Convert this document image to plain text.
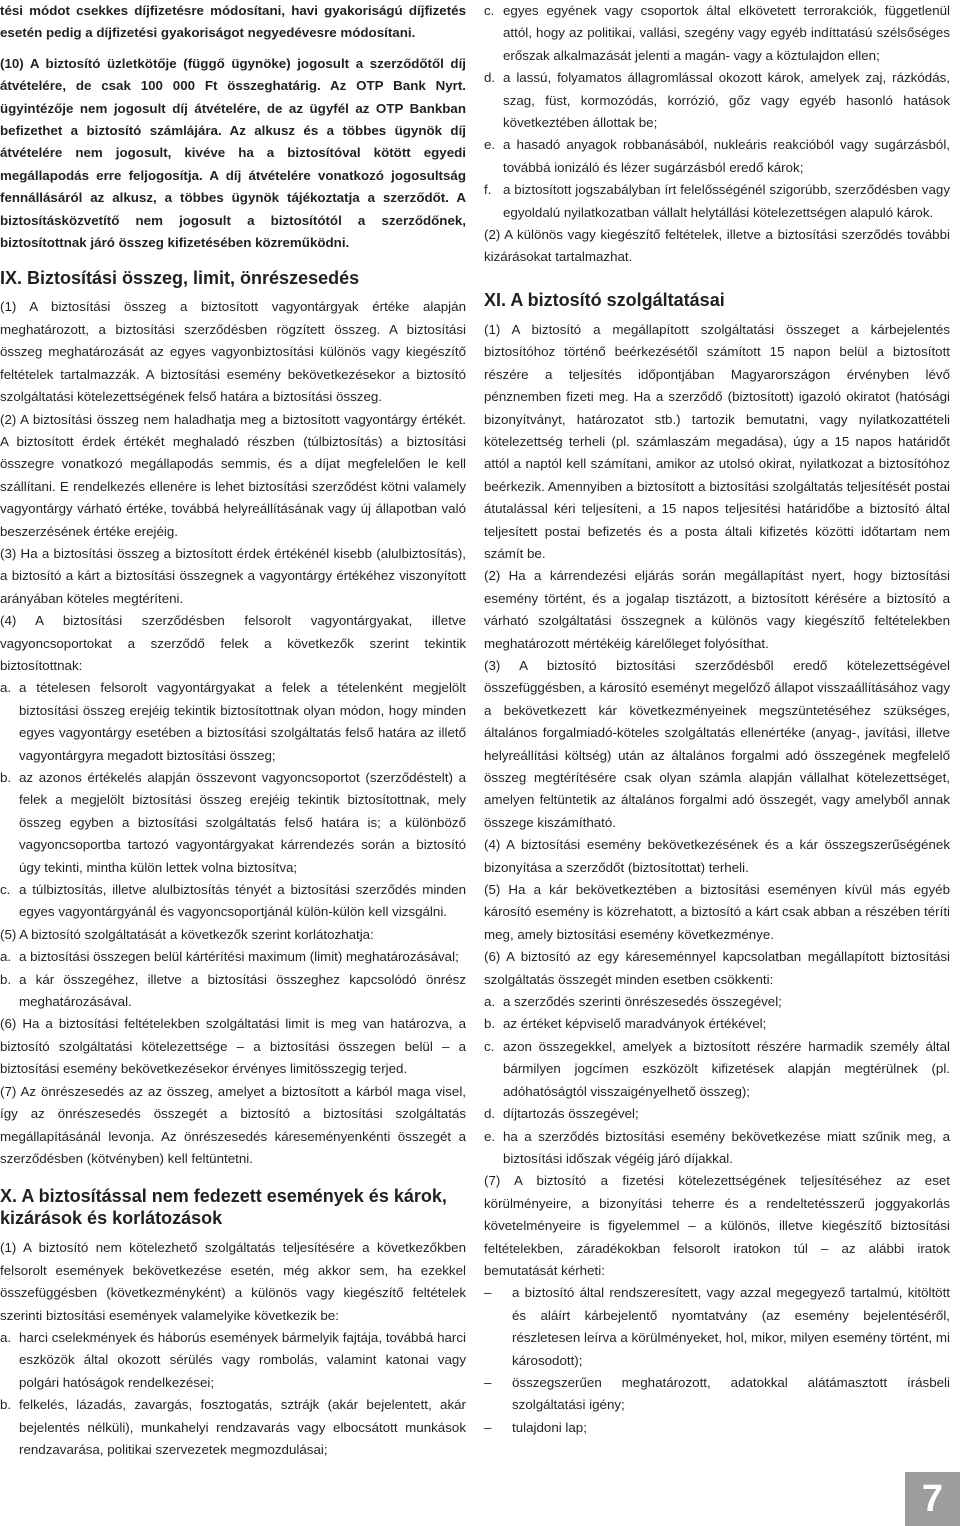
tési módot csekkes díjfizetésre módosítani, havi gyakoriságú díjfizetés esetén pedig a díjfizetési gyakoriságot negyedévesre módosítani.

(10) A biztosító üzletkötője (függő ügynöke) jogosult a szerződőtől díj átvételére, de csak 100 000 Ft összeghatárig. Az OTP Bank Nyrt. ügyintézője nem jogosult díj átvételére, de az ügyfél az OTP Bankban befizethet a biztosító számlájára. Az alkusz és a többes ügynök díj átvételére nem jogosult, kivéve ha a biztosítóval kötött egyedi megállapodás erre feljogosítja. A díj átvételére vonatkozó jogosultság fennállásáról az alkusz, a többes ügynök tájékoztatja a szerződőt. A biztosításközvetítő nem jogosult a biztosítótól a szerződőnek, biztosítottnak járó összeg kifizetésében közreműködni.

IX. Biztosítási összeg, limit, önrészesedés

(1) A biztosítási összeg a biztosított vagyontárgyak értéke alapján meghatározott, a biztosítási szerződésben rögzített összeg. A biztosítási összeg meghatározását az egyes vagyonbiztosítási különös vagy kiegészítő feltételek tartalmazzák. A biztosítási esemény bekövetkezésekor a biztosító szolgáltatási kötelezettségének felső határa a biztosítási összeg.

(2) A biztosítási összeg nem haladhatja meg a biztosított vagyontárgy értékét. A biztosított érdek értékét meghaladó részben (túlbiztosítás) a biztosítási összegre vonatkozó megállapodás semmis, és a díjat megfelelően le kell szállítani. E rendelkezés ellenére is lehet biztosítási szerződést kötni valamely vagyontárgy várható értéke, továbbá helyreállításának vagy új állapotban való beszerzésének értéke erejéig.

(3) Ha a biztosítási összeg a biztosított érdek értékénél kisebb (alulbiztosítás), a biztosító a kárt a biztosítási összegnek a vagyontárgy értékéhez viszonyított arányában köteles megtéríteni.

(4) A biztosítási szerződésben felsorolt vagyontárgyakat, illetve vagyoncsoportokat a szerződő felek a következők szerint tekintik biztosítottnak:

a. a tételesen felsorolt vagyontárgyakat a felek a tételenként megjelölt biztosítási összeg erejéig tekintik biztosítottnak olyan módon, hogy minden egyes vagyontárgy esetében a biztosítási szolgáltatás felső határa az illető vagyontárgyra megadott biztosítási összeg;
b. az azonos értékelés alapján összevont vagyoncsoportot (szerződéstelt) a felek a megjelölt biztosítási összeg erejéig tekintik biztosítottnak, mely összeg egyben a biztosítási szolgáltatás felső határa is; a különböző vagyoncsoportba tartozó vagyontárgyakat kárrendezés során a biztosító úgy tekinti, mintha külön lettek volna biztosítva;
c. a túlbiztosítás, illetve alulbiztosítás tényét a biztosítási szerződés minden egyes vagyontárgyánál és vagyoncsoportjánál külön-külön kell vizsgálni.

(5) A biztosító szolgáltatását a következők szerint korlátozhatja:

a. a biztosítási összegen belül kártérítési maximum (limit) meghatározásával;
b. a kár összegéhez, illetve a biztosítási összeghez kapcsolódó önrész meghatározásával.

(6) Ha a biztosítási feltételekben szolgáltatási limit is meg van határozva, a biztosító szolgáltatási kötelezettsége – a biztosítási összegen belül – a biztosítási esemény bekövetkezésekor érvényes limitösszegig terjed.

(7) Az önrészesedés az az összeg, amelyet a biztosított a kárból maga visel, így az önrészesedés összegét a biztosító a biztosítási szolgáltatás megállapításánál levonja. Az önrészesedés káreseményenkénti összegét a szerződésben (kötvényben) kell feltüntetni.

X. A biztosítással nem fedezett események és károk, kizárások és korlátozások

(1) A biztosító nem kötelezhető szolgáltatás teljesítésére a következőkben felsorolt események bekövetkezése esetén, még akkor sem, ha ezekkel összefüggésben (következményként) a különös vagy kiegészítő feltételek szerinti biztosítási események valamelyike következik be:

a. harci cselekmények és háborús események bármelyik fajtája, továbbá harci eszközök által okozott sérülés vagy rombolás, valamint katonai vagy polgári hatóságok rendelkezései;
b. felkelés, lázadás, zavargás, fosztogatás, sztrájk (akár bejelentett, akár bejelentés nélküli), munkahelyi rendzavarás vagy elbocsátott munkások rendzavarása, politikai szervezetek megmozdulásai;
c. egyes egyének vagy csoportok által elkövetett terrorakciók, függetlenül attól, hogy az politikai, vallási, szegény vagy egyéb indíttatású szélsőséges erőszak alkalmazását jelenti a magán- vagy a köztulajdon ellen;
d. a lassú, folyamatos állagromlással okozott károk, amelyek zaj, rázkódás, szag, füst, kormozódás, korrózió, gőz vagy egyéb hasonló hatások következtében állottak be;
e. a hasadó anyagok robbanásából, nukleáris reakcióból vagy sugárzásból, továbbá ionizáló és lézer sugárzásból eredő károk;
f. a biztosított jogszabályban írt felelősségénél szigorúbb, szerződésben vagy egyoldalú nyilatkozatban vállalt helytállási kötelezettségen alapuló károk.

(2) A különös vagy kiegészítő feltételek, illetve a biztosítási szerződés további kizárásokat tartalmazhat.

XI. A biztosító szolgáltatásai

(1) A biztosító a megállapított szolgáltatási összeget a kárbejelentés biztosítóhoz történő beérkezésétől számított 15 napon belül a biztosított részére a teljesítés időpontjában Magyarországon érvényben lévő pénznemben fizeti meg. Ha a szerződő (biztosított) igazoló okiratot (hatósági bizonyítványt, határozatot stb.) tartozik bemutatni, vagy nyilatkozattételi kötelezettség terheli (pl. számlaszám megadása), úgy a 15 napos határidőt attól a naptól kell számítani, amikor az utolsó okirat, nyilatkozat a biztosítóhoz beérkezik. Amennyiben a biztosított a biztosítási szolgáltatás teljesítését postai átutalással kéri teljesíteni, a 15 napos teljesítési határidőbe a biztosító által teljesített postai befizetés és a posta általi kifizetés közötti időtartam nem számít be.

(2) Ha a kárrendezési eljárás során megállapítást nyert, hogy biztosítási esemény történt, és a jogalap tisztázott, a biztosított kérésére a biztosító a várható szolgáltatási összegnek a különös vagy kiegészítő feltételekben meghatározott mértékéig kárelőleget folyósíthat.

(3) A biztosító biztosítási szerződésből eredő kötelezettségével összefüggésben, a károsító eseményt megelőző állapot visszaállításához vagy a bekövetkezett kár következményeinek megszüntetéséhez szükséges, általános forgalmiadó-köteles szolgáltatás ellenértéke (anyag-, javítási, illetve helyreállítási költség) után az általános forgalmi adó összegének megfelelő összeg megtérítésére csak olyan számla alapján vállalhat kötelezettséget, amelyen feltüntetik az általános forgalmi adó összegét, vagy amelyből annak összege kiszámítható.

(4) A biztosítási esemény bekövetkezésének és a kár összegszerűségének bizonyítása a szerződőt (biztosítottat) terheli.

(5) Ha a kár bekövetkeztében a biztosítási eseményen kívül más egyéb károsító esemény is közrehatott, a biztosító a kárt csak abban a részében téríti meg, amely biztosítási esemény következménye.

(6) A biztosító az egy káreseménnyel kapcsolatban megállapított biztosítási szolgáltatás összegét minden esetben csökkenti:

a. a szerződés szerinti önrészesedés összegével;
b. az értéket képviselő maradványok értékével;
c. azon összegekkel, amelyek a biztosított részére harmadik személy által bármilyen jogcímen eszközölt kifizetések alapján megtérülnek (pl. adóhatóságtól visszaigényelhető összeg);
d. díjtartozás összegével;
e. ha a szerződés biztosítási esemény bekövetkezése miatt szűnik meg, a biztosítási időszak végéig járó díjakkal.

(7) A biztosító a fizetési kötelezettségének teljesítéséhez az eset körülményeire, a bizonyítási teherre és a rendeltetésszerű joggyakorlás követelményeire is figyelemmel – a különös, illetve kiegészítő biztosítási feltételekben, záradékokban felsorolt iratokon túl – az alábbi iratok bemutatását kérheti:

–	a biztosító által rendszeresített, vagy azzal megegyező tartalmú, kitöltött és aláírt kárbejelentő nyomtatvány (az esemény bejelentéséről, részletesen leírva a körülményeket, hol, mikor, milyen esemény történt, mi károsodott);
–	összegszerűen meghatározott, adatokkal alátámasztott írásbeli szolgáltatási igény;
–	tulajdoni lap;
7
